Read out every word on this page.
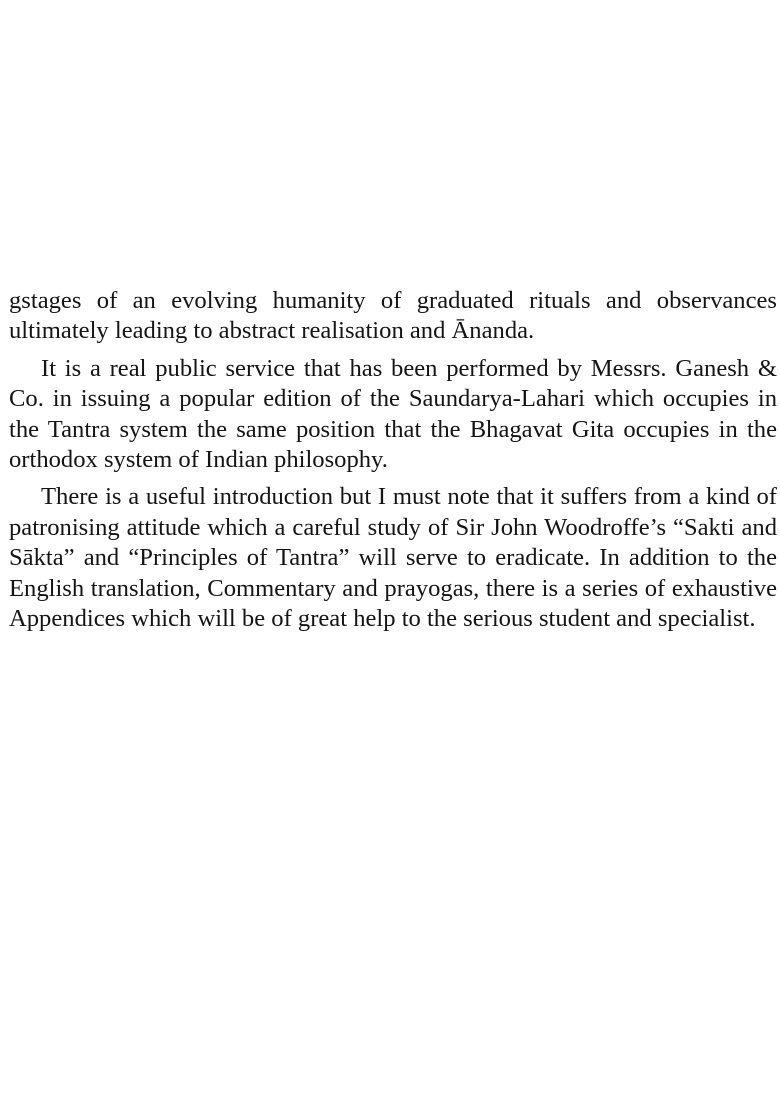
gstages of an evolving humanity of graduated rituals and observances ultimately leading to abstract realisation and Ānanda.

It is a real public service that has been performed by Messrs. Ganesh & Co. in issuing a popular edition of the Saundarya-Lahari which occupies in the Tantra system the same position that the Bhagavat Gita occupies in the orthodox system of Indian philosophy.

There is a useful introduction but I must note that it suffers from a kind of patronising attitude which a careful study of Sir John Woodroffe’s “Sakti and Sākta” and “Principles of Tantra” will serve to eradicate. In addition to the English translation, Commentary and prayogas, there is a series of exhaustive Appendices which will be of great help to the serious student and specialist.
